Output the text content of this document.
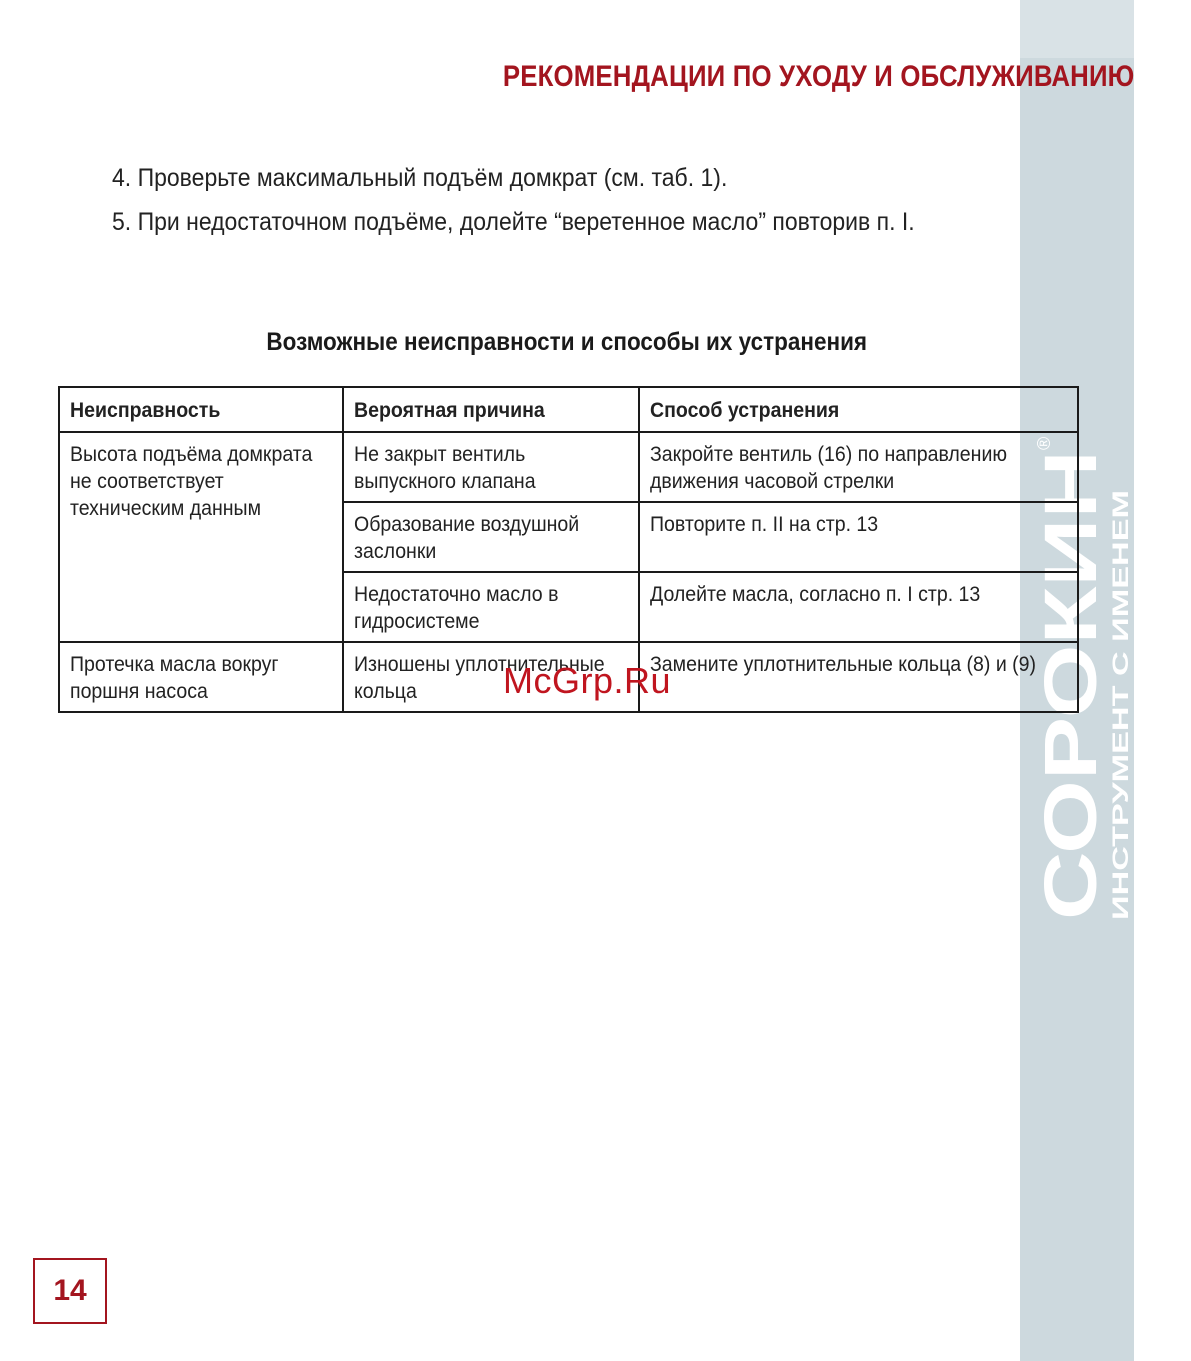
СОРОКИН
ИНСТРУМЕНТ С ИМЕНЕМ
®
РЕКОМЕНДАЦИИ ПО УХОДУ И ОБСЛУЖИВАНИЮ
4. Проверьте максимальный подъём домкрат (см. таб. 1).
5. При недостаточном подъёме, долейте “веретенное масло” повторив п. I.
Возможные неисправности и способы их устранения
Неисправность	Вероятная причина	Способ устранения
Высота подъёма домкрата не соответствует техническим данным	Не закрыт вентиль выпускного клапана	Закройте вентиль (16) по направлению движения часовой стрелки
	Образование воздушной заслонки	Повторите п. II на стр. 13
	Недостаточно масло в гидросистеме	Долейте масла, согласно п. I стр. 13
Протечка масла вокруг поршня насоса	Изношены уплотнительные кольца	Замените уплотнительные кольца (8) и (9)
McGrp.Ru
14
